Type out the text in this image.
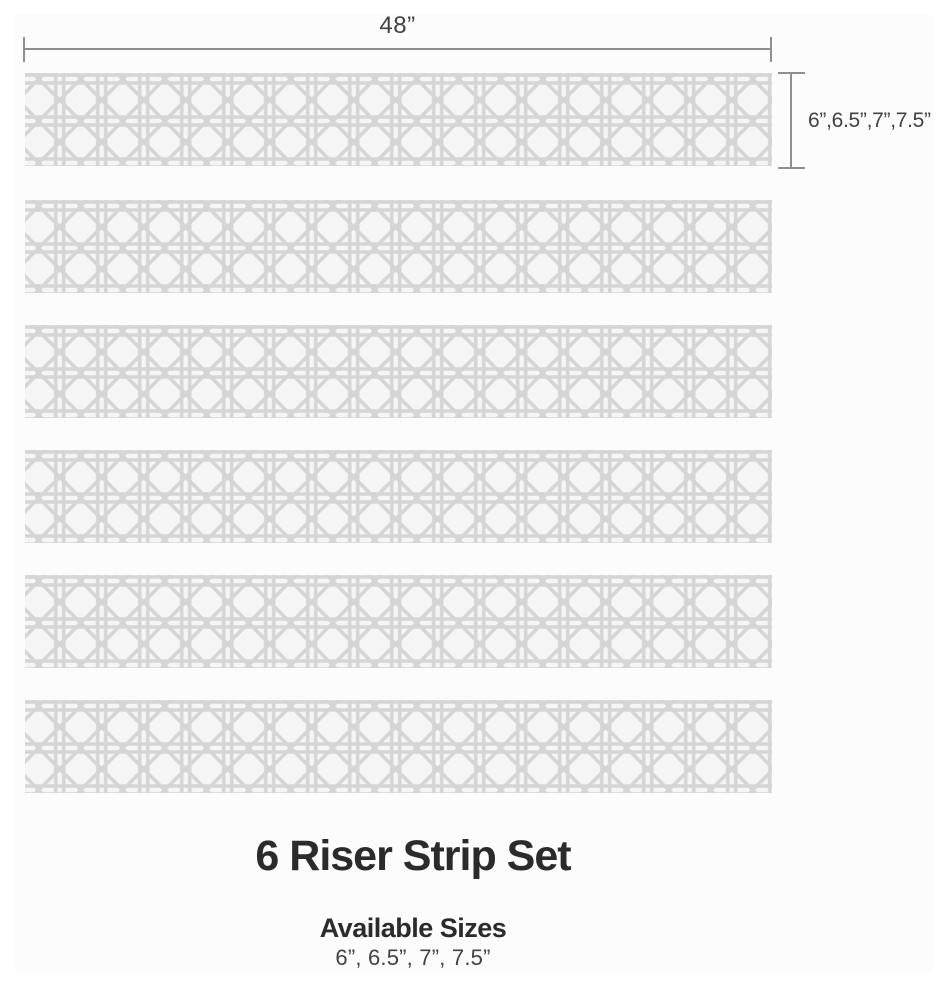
48”
6”,6.5”,7”,7.5”
6 Riser Strip Set
Available Sizes
6”, 6.5”, 7”, 7.5”
